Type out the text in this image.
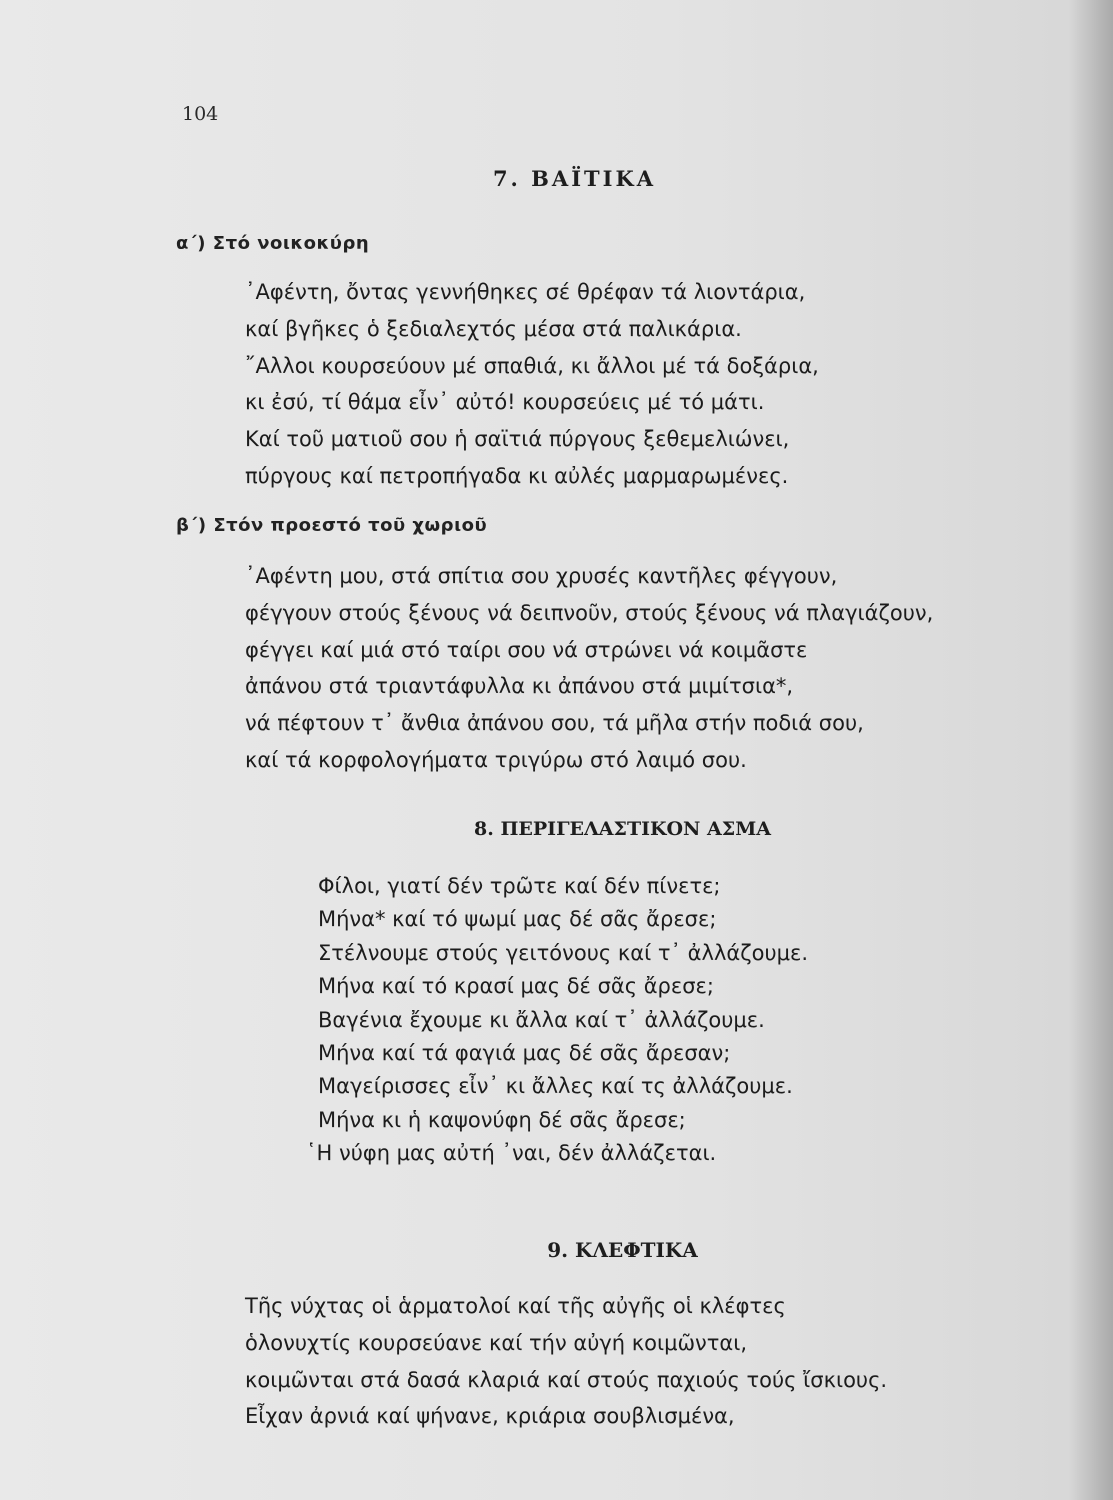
104
7. ΒΑΪΤΙΚΑ
α΄) Στό νοικοκύρη
᾿Αφέντη, ὄντας γεννήθηκες σέ θρέφαν τά λιοντάρια,
καί βγῆκες ὁ ξεδιαλεχτός μέσα στά παλικάρια.
῎Αλλοι κουρσεύουν μέ σπαθιά, κι ἄλλοι μέ τά δοξάρια,
κι ἐσύ, τί θάμα εἶν᾿ αὐτό! κουρσεύεις μέ τό μάτι.
Καί τοῦ ματιοῦ σου ἡ σαϊτιά πύργους ξεθεμελιώνει,
πύργους καί πετροπήγαδα κι αὐλές μαρμαρωμένες.
β΄) Στόν προεστό τοῦ χωριοῦ
᾿Αφέντη μου, στά σπίτια σου χρυσές καντῆλες φέγγουν,
φέγγουν στούς ξένους νά δειπνοῦν, στούς ξένους νά πλαγιάζουν,
φέγγει καί μιά στό ταίρι σου νά στρώνει νά κοιμᾶστε
ἀπάνου στά τριαντάφυλλα κι ἀπάνου στά μιμίτσια*,
νά πέφτουν τ᾿ ἄνθια ἀπάνου σου, τά μῆλα στήν ποδιά σου,
καί τά κορφολογήματα τριγύρω στό λαιμό σου.
8. ΠΕΡΙΓΕΛΑΣΤΙΚΟΝ ΑΣΜΑ
Φίλοι, γιατί δέν τρῶτε καί δέν πίνετε;
Μήνα* καί τό ψωμί μας δέ σᾶς ἄρεσε;
Στέλνουμε στούς γειτόνους καί τ᾿ ἀλλάζουμε.
Μήνα καί τό κρασί μας δέ σᾶς ἄρεσε;
Βαγένια ἔχουμε κι ἄλλα καί τ᾿ ἀλλάζουμε.
Μήνα καί τά φαγιά μας δέ σᾶς ἄρεσαν;
Μαγείρισσες εἶν᾿ κι ἄλλες καί τς ἀλλάζουμε.
Μήνα κι ἡ καψονύφη δέ σᾶς ἄρεσε;
῾Η νύφη μας αὐτή ᾿ναι, δέν ἀλλάζεται.
9. ΚΛΕΦΤΙΚΑ
Τῆς νύχτας οἱ ἁρματολοί καί τῆς αὐγῆς οἱ κλέφτες
ὁλονυχτίς κουρσεύανε καί τήν αὐγή κοιμῶνται,
κοιμῶνται στά δασά κλαριά καί στούς παχιούς τούς ἴσκιους.
Εἶχαν ἀρνιά καί ψήνανε, κριάρια σουβλισμένα,
